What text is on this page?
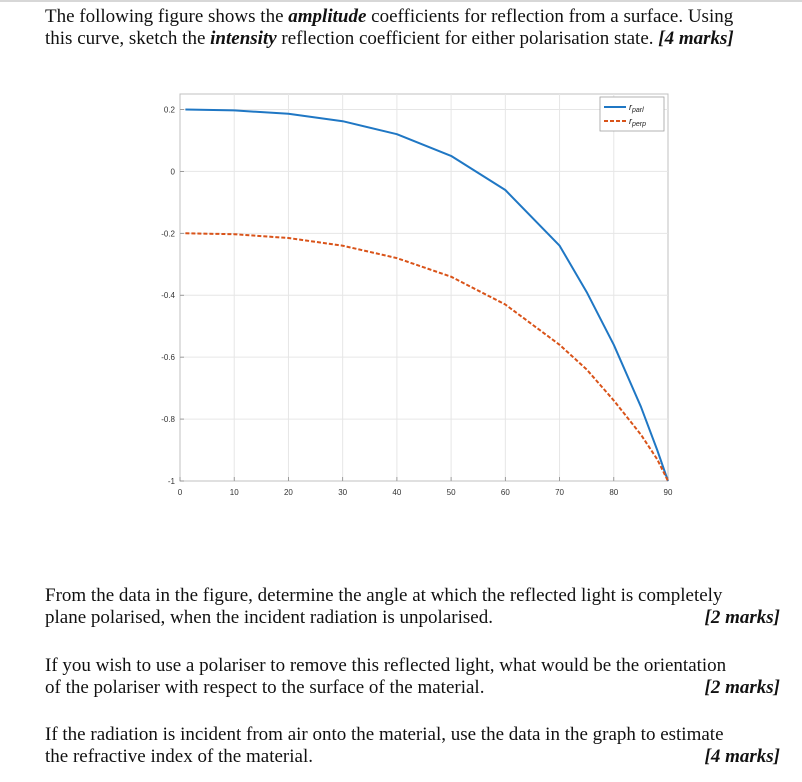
The following figure shows the amplitude coefficients for reflection from a surface. Using
this curve, sketch the intensity reflection coefficient for either polarisation state. [4 marks]
0	10	20	30	40	50	60	70	80	90
0.2
0
-0.2
-0.4
-0.6
-0.8
-1
$r_{parl}$
$r_{perp}$
From the data in the figure, determine the angle at which the reflected light is completely
plane polarised, when the incident radiation is unpolarised.	[2 marks]
If you wish to use a polariser to remove this reflected light, what would be the orientation
of the polariser with respect to the surface of the material.	[2 marks]
If the radiation is incident from air onto the material, use the data in the graph to estimate
the refractive index of the material.	[4 marks]
